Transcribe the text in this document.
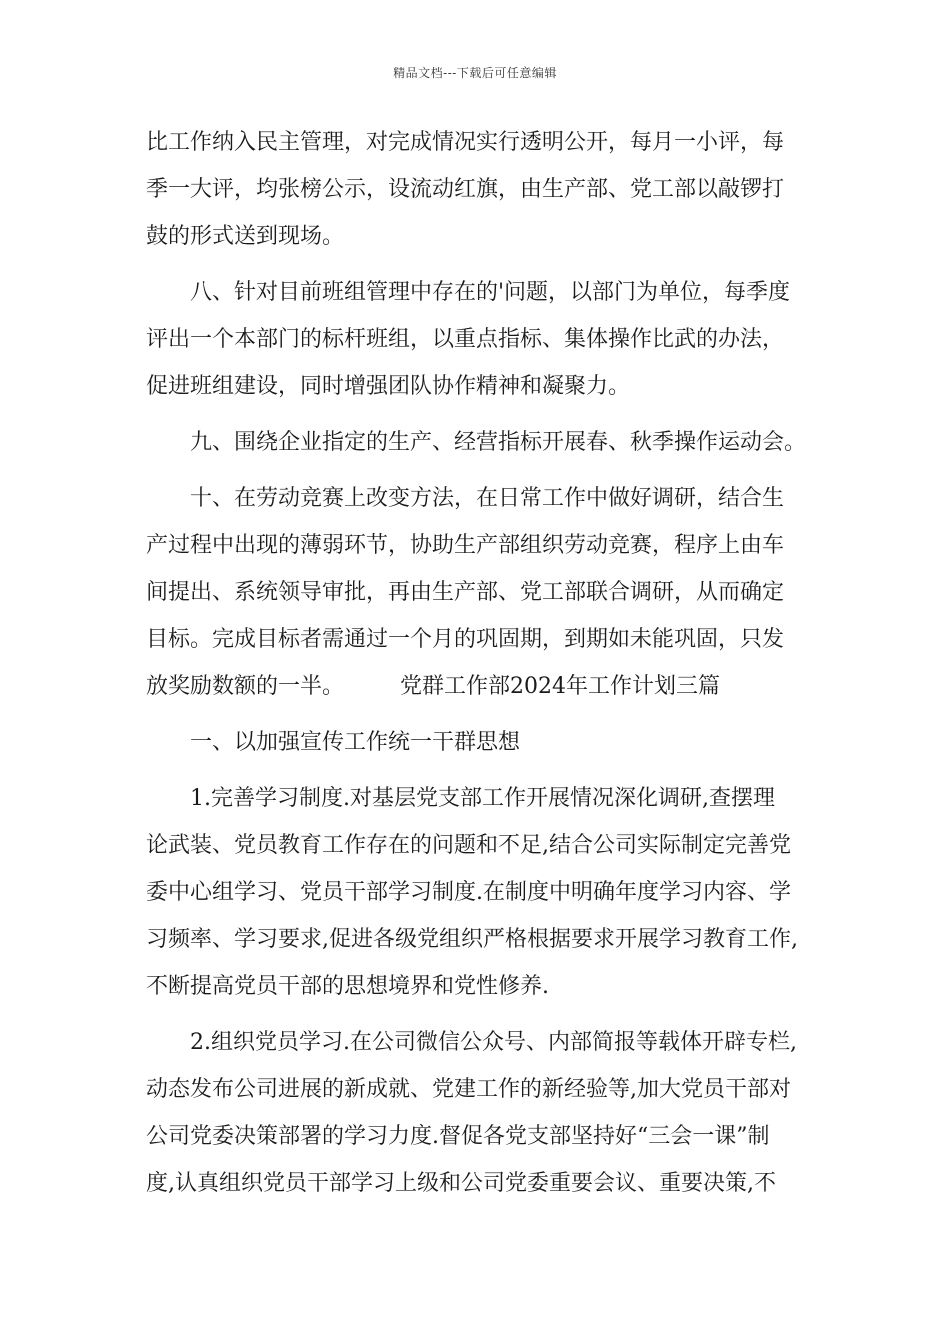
精品文档---下载后可任意编辑
比工作纳入民主管理，对完成情况实行透明公开，每月一小评，每
季一大评，均张榜公示，设流动红旗，由生产部、党工部以敲锣打
鼓的形式送到现场。
八、针对目前班组管理中存在的'问题，以部门为单位，每季度
评出一个本部门的标杆班组，以重点指标、集体操作比武的办法，
促进班组建设，同时增强团队协作精神和凝聚力。
九、围绕企业指定的生产、经营指标开展春、秋季操作运动会。
十、在劳动竞赛上改变方法，在日常工作中做好调研，结合生
产过程中出现的薄弱环节，协助生产部组织劳动竞赛，程序上由车
间提出、系统领导审批，再由生产部、党工部联合调研，从而确定
目标。完成目标者需通过一个月的巩固期，到期如未能巩固，只发
放奖励数额的一半。	党群工作部2024年工作计划三篇
一、以加强宣传工作统一干群思想
1.完善学习制度.对基层党支部工作开展情况深化调研,查摆理
论武装、党员教育工作存在的问题和不足,结合公司实际制定完善党
委中心组学习、党员干部学习制度.在制度中明确年度学习内容、学
习频率、学习要求,促进各级党组织严格根据要求开展学习教育工作,
不断提高党员干部的思想境界和党性修养.
2.组织党员学习.在公司微信公众号、内部简报等载体开辟专栏,
动态发布公司进展的新成就、党建工作的新经验等,加大党员干部对
公司党委决策部署的学习力度.督促各党支部坚持好“三会一课”制
度,认真组织党员干部学习上级和公司党委重要会议、重要决策,不
